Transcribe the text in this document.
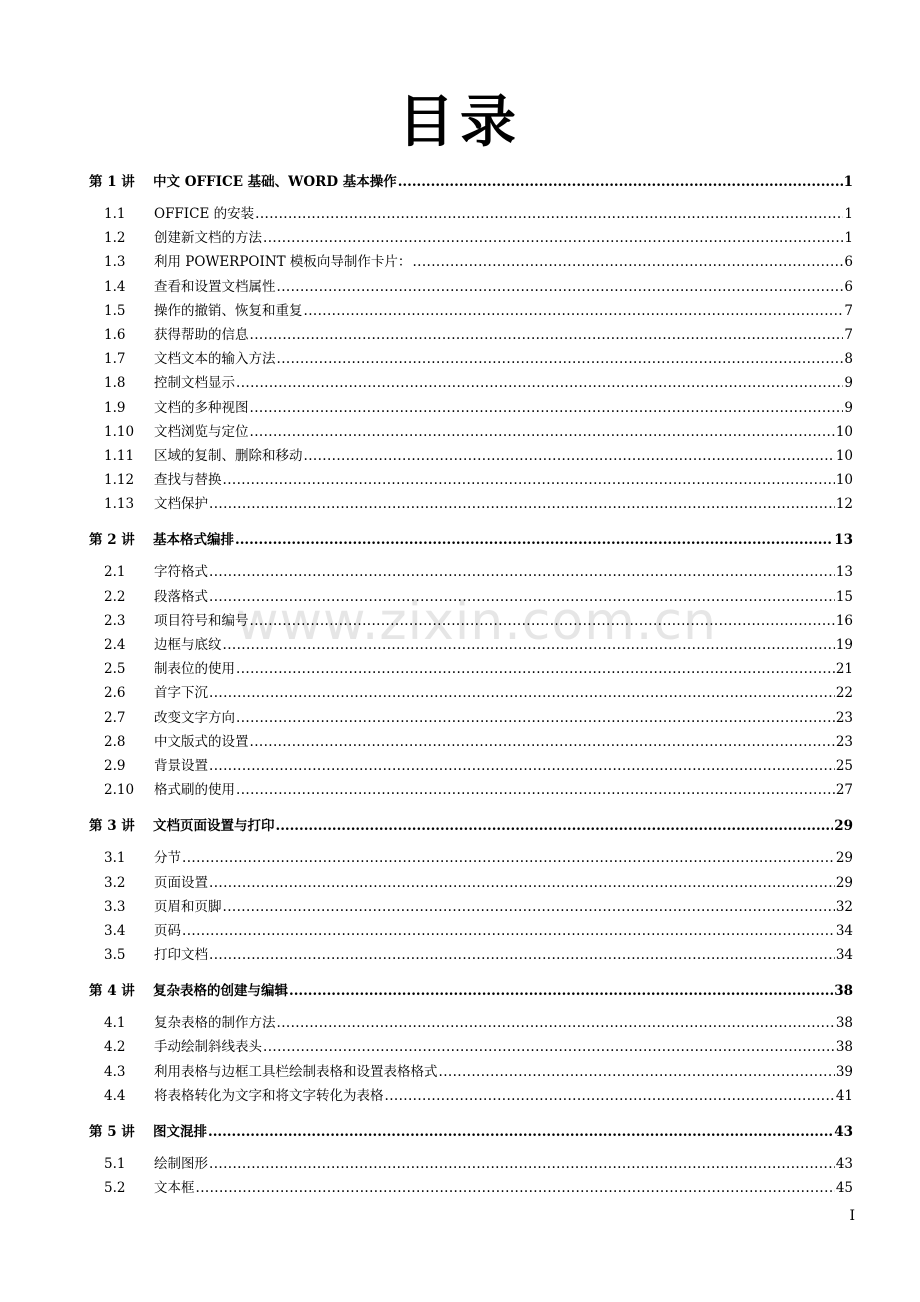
目录
www.zixin.com.cn
第 1 讲	中文 OFFICE 基础、WORD 基本操作 .....	1
1.1	OFFICE 的安装 .....	1
1.2	创建新文档的方法 .....	1
1.3	利用 POWERPOINT 模板向导制作卡片： .....	6
1.4	查看和设置文档属性 .....	6
1.5	操作的撤销、恢复和重复 .....	7
1.6	获得帮助的信息 .....	7
1.7	文档文本的输入方法 .....	8
1.8	控制文档显示 .....	9
1.9	文档的多种视图 .....	9
1.10	文档浏览与定位 .....	10
1.11	区域的复制、删除和移动 .....	10
1.12	查找与替换 .....	10
1.13	文档保护 .....	12
第 2 讲	基本格式编排 .....	13
2.1	字符格式 .....	13
2.2	段落格式 .....	15
2.3	项目符号和编号 .....	16
2.4	边框与底纹 .....	19
2.5	制表位的使用 .....	21
2.6	首字下沉 .....	22
2.7	改变文字方向 .....	23
2.8	中文版式的设置 .....	23
2.9	背景设置 .....	25
2.10	格式刷的使用 .....	27
第 3 讲	文档页面设置与打印 .....	29
3.1	分节 .....	29
3.2	页面设置 .....	29
3.3	页眉和页脚 .....	32
3.4	页码 .....	34
3.5	打印文档 .....	34
第 4 讲	复杂表格的创建与编辑 .....	38
4.1	复杂表格的制作方法 .....	38
4.2	手动绘制斜线表头 .....	38
4.3	利用表格与边框工具栏绘制表格和设置表格格式 .....	39
4.4	将表格转化为文字和将文字转化为表格 .....	41
第 5 讲	图文混排 .....	43
5.1	绘制图形 .....	43
5.2	文本框 .....	45
I
